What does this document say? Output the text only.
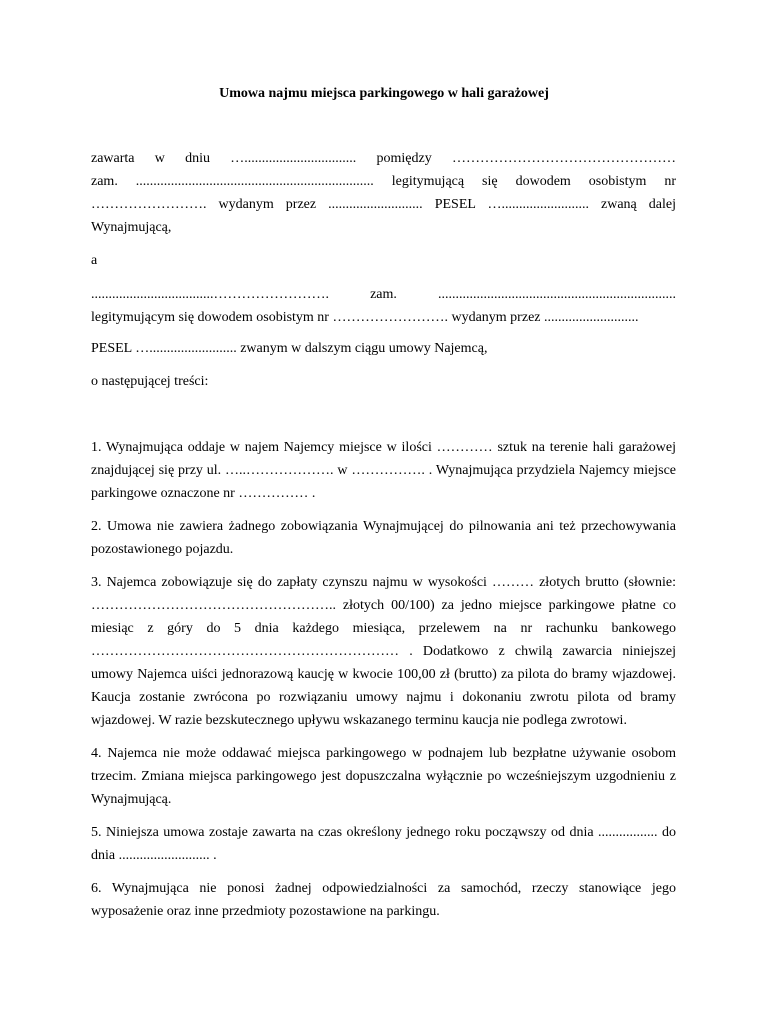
Umowa najmu miejsca parkingowego w hali garażowej

zawarta w dniu …................................ pomiędzy …………………………………………

zam. .................................................................... legitymującą się dowodem osobistym nr

……………………. wydanym przez ........................... PESEL …......................... zwaną dalej

Wynajmującą,

a

...................................……………………. zam. ....................................................................

legitymującym się dowodem osobistym nr ……………………. wydanym przez ...........................

PESEL …......................... zwanym w dalszym ciągu umowy Najemcą,

o następującej treści:

1. Wynajmująca oddaje w najem Najemcy miejsce w ilości ………… sztuk na terenie hali garażowej znajdującej się przy ul. …..………………. w ……………. . Wynajmująca przydziela Najemcy miejsce parkingowe oznaczone nr …………… .

2. Umowa nie zawiera żadnego zobowiązania Wynajmującej do pilnowania ani też przechowywania pozostawionego pojazdu.

3. Najemca zobowiązuje się do zapłaty czynszu najmu w wysokości ……… złotych brutto (słownie: …………………………………………….. złotych 00/100) za jedno miejsce parkingowe płatne co miesiąc z góry do 5 dnia każdego miesiąca, przelewem na nr rachunku bankowego ………………………………………………………… . Dodatkowo z chwilą zawarcia niniejszej umowy Najemca uiści jednorazową kaucję w kwocie 100,00 zł (brutto) za pilota do bramy wjazdowej. Kaucja zostanie zwrócona po rozwiązaniu umowy najmu i dokonaniu zwrotu pilota od bramy wjazdowej. W razie bezskutecznego upływu wskazanego terminu kaucja nie podlega zwrotowi.

4. Najemca nie może oddawać miejsca parkingowego w podnajem lub bezpłatne używanie osobom trzecim. Zmiana miejsca parkingowego jest dopuszczalna wyłącznie po wcześniejszym uzgodnieniu z Wynajmującą.

5. Niniejsza umowa zostaje zawarta na czas określony jednego roku począwszy od dnia ................. do dnia .......................... .

6. Wynajmująca nie ponosi żadnej odpowiedzialności za samochód, rzeczy stanowiące jego wyposażenie oraz inne przedmioty pozostawione na parkingu.
